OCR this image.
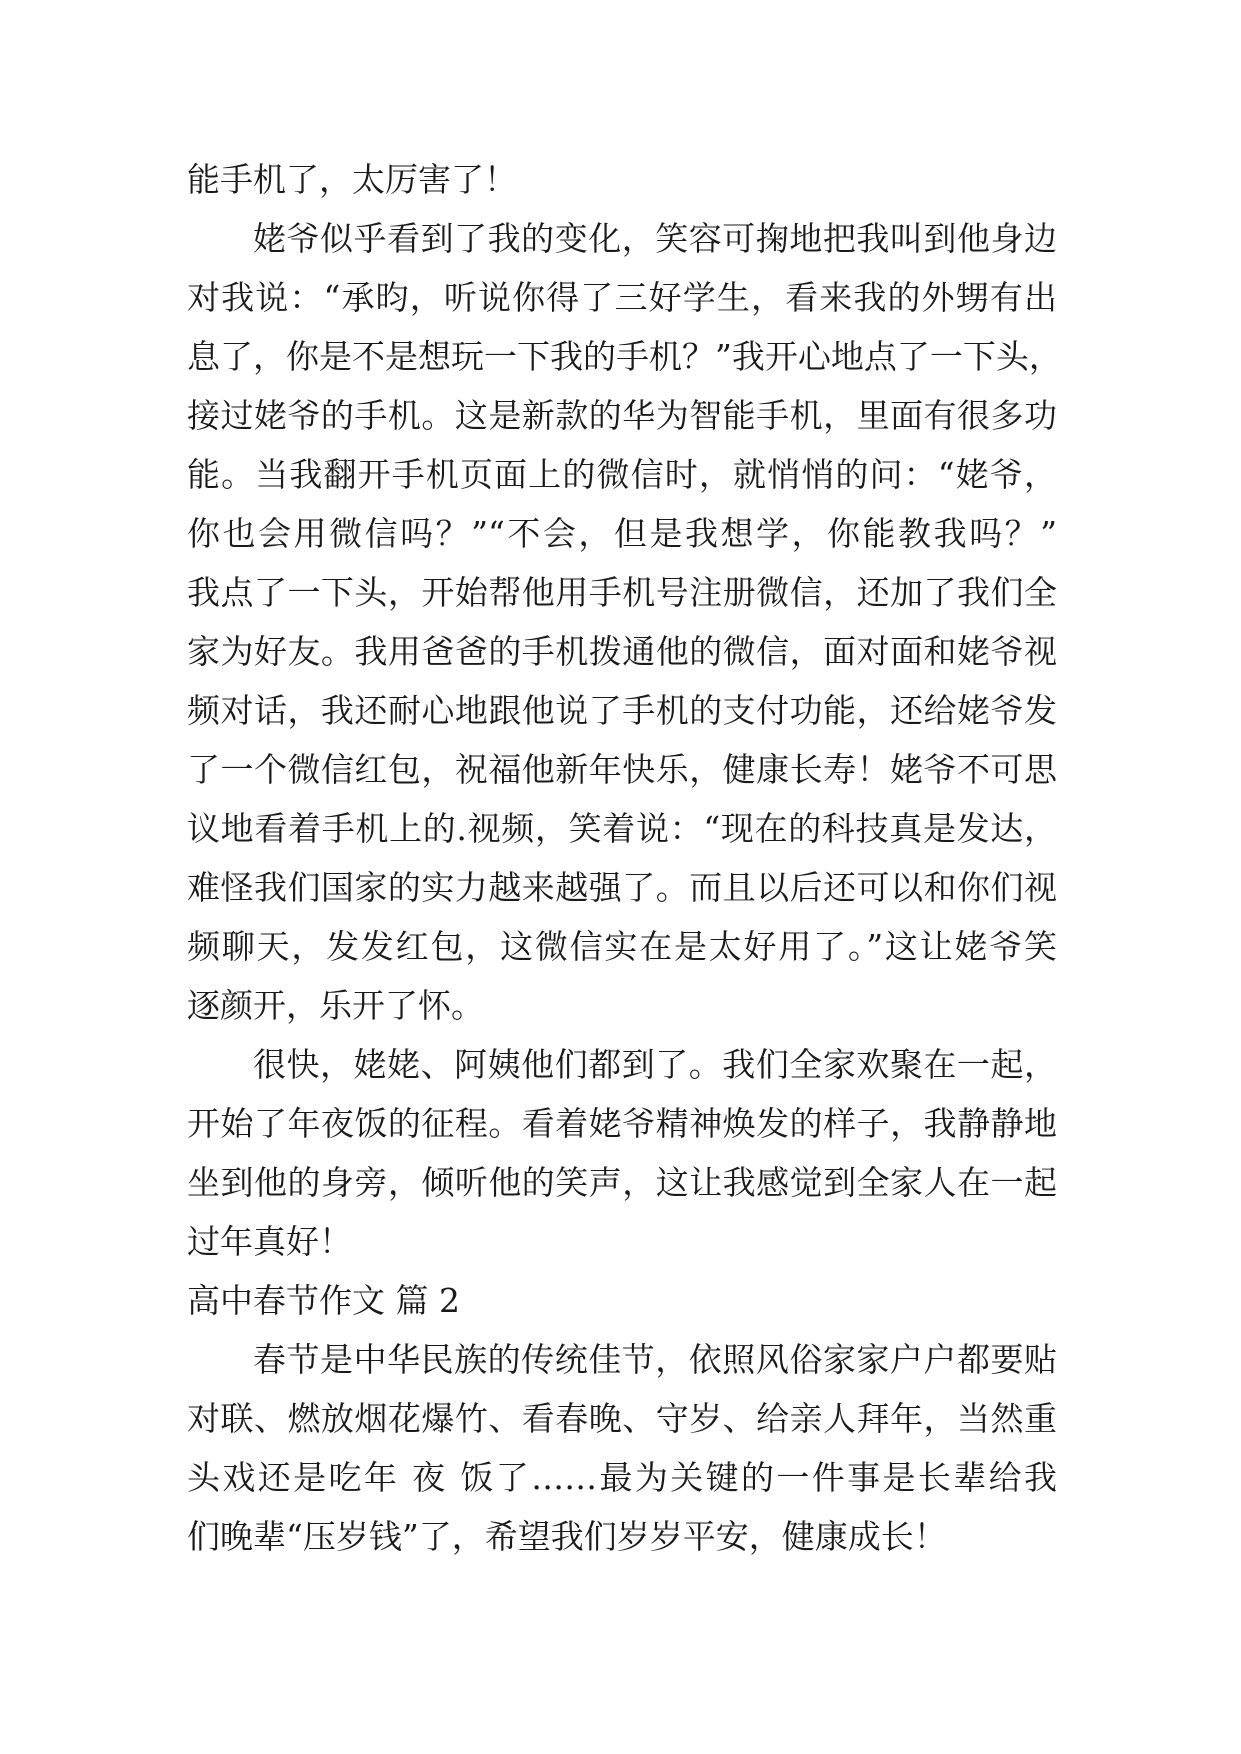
能手机了，太厉害了！
姥爷似乎看到了我的变化，笑容可掬地把我叫到他身边
对我说：“承昀，听说你得了三好学生，看来我的外甥有出
息了，你是不是想玩一下我的手机？”我开心地点了一下头，
接过姥爷的手机。这是新款的华为智能手机，里面有很多功
能。当我翻开手机页面上的微信时，就悄悄的问：“姥爷，
你也会用微信吗？”“不会，但是我想学，你能教我吗？”
我点了一下头，开始帮他用手机号注册微信，还加了我们全
家为好友。我用爸爸的手机拨通他的微信，面对面和姥爷视
频对话，我还耐心地跟他说了手机的支付功能，还给姥爷发
了一个微信红包，祝福他新年快乐，健康长寿！姥爷不可思
议地看着手机上的.视频，笑着说：“现在的科技真是发达，
难怪我们国家的实力越来越强了。而且以后还可以和你们视
频聊天，发发红包，这微信实在是太好用了。”这让姥爷笑
逐颜开，乐开了怀。
很快，姥姥、阿姨他们都到了。我们全家欢聚在一起，
开始了年夜饭的征程。看着姥爷精神焕发的样子，我静静地
坐到他的身旁，倾听他的笑声，这让我感觉到全家人在一起
过年真好！
高中春节作文 篇 2
春节是中华民族的传统佳节，依照风俗家家户户都要贴
对联、燃放烟花爆竹、看春晚、守岁、给亲人拜年，当然重
头戏还是吃年 夜 饭了……最为关键的一件事是长辈给我
们晚辈“压岁钱”了，希望我们岁岁平安，健康成长！
